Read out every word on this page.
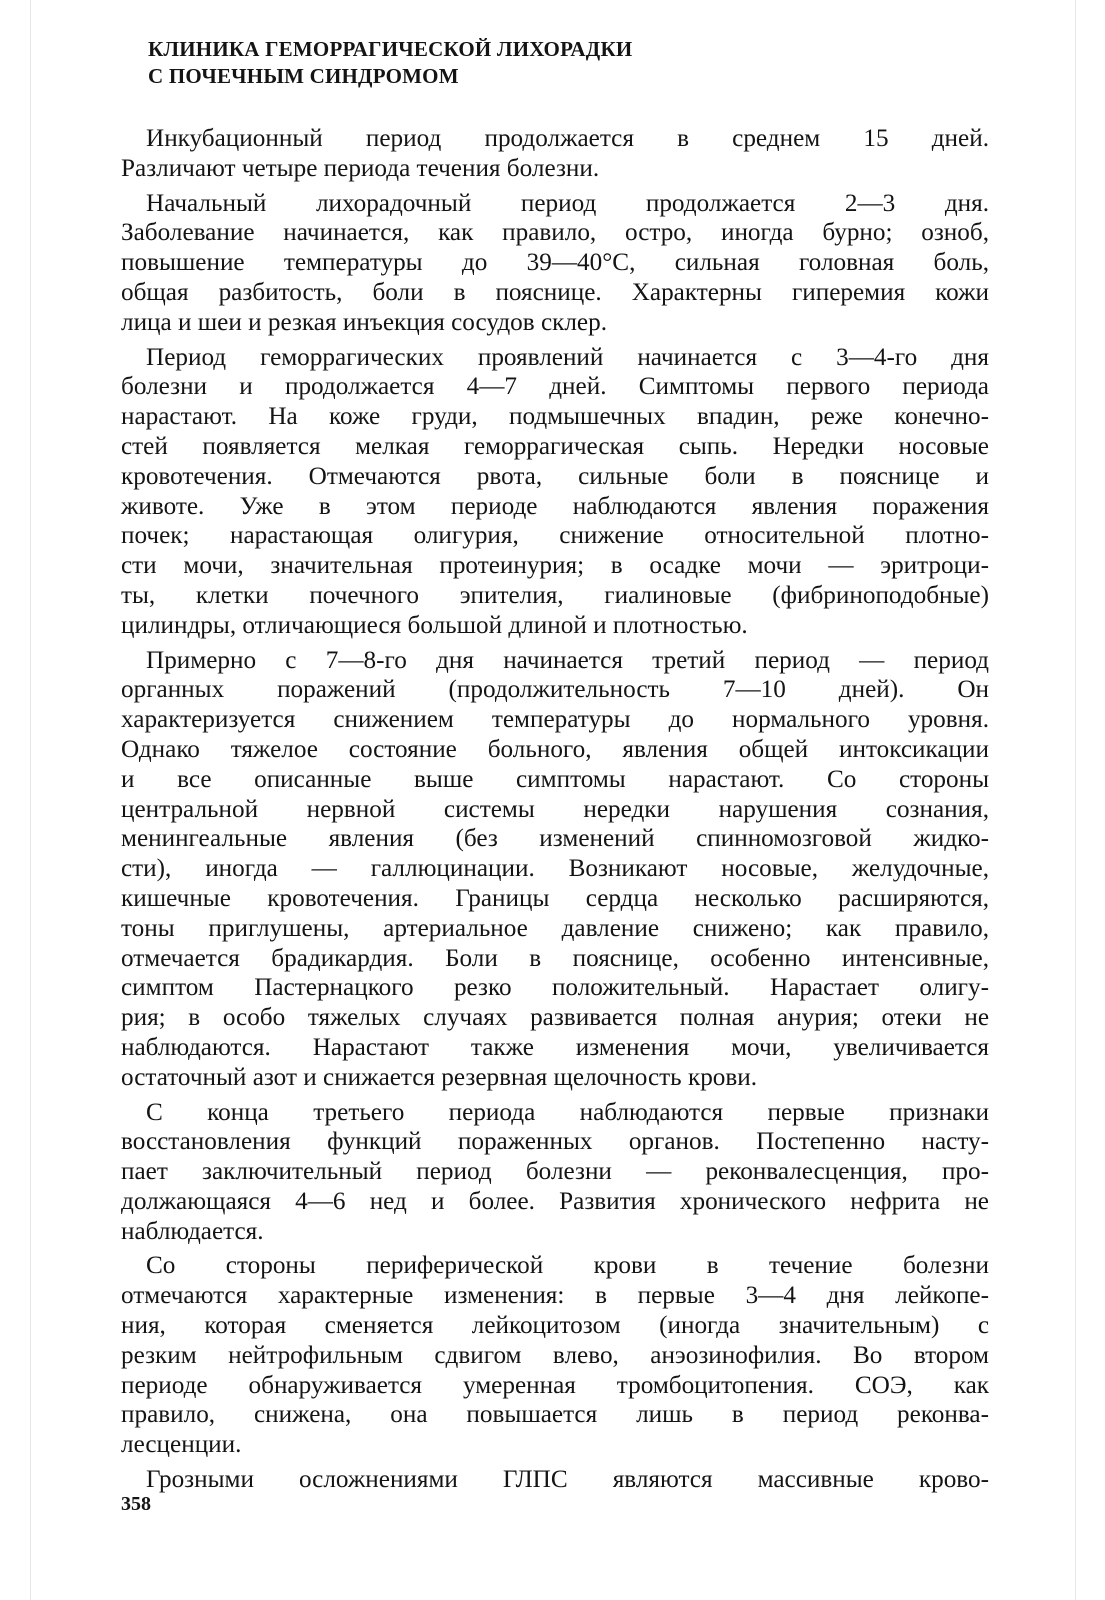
КЛИНИКА ГЕМОРРАГИЧЕСКОЙ ЛИХОРАДКИ
С ПОЧЕЧНЫМ СИНДРОМОМ
Инкубационный период продолжается в среднем 15 дней.
Различают четыре периода течения болезни.
Начальный лихорадочный период продолжается 2—3 дня.
Заболевание начинается, как правило, остро, иногда бурно; озноб,
повышение температуры до 39—40°С, сильная головная боль,
общая разбитость, боли в пояснице. Характерны гиперемия кожи
лица и шеи и резкая инъекция сосудов склер.
Период геморрагических проявлений начинается с 3—4-го дня
болезни и продолжается 4—7 дней. Симптомы первого периода
нарастают. На коже груди, подмышечных впадин, реже конечно-
стей появляется мелкая геморрагическая сыпь. Нередки носовые
кровотечения. Отмечаются рвота, сильные боли в пояснице и
животе. Уже в этом периоде наблюдаются явления поражения
почек; нарастающая олигурия, снижение относительной плотно-
сти мочи, значительная протеинурия; в осадке мочи — эритроци-
ты, клетки почечного эпителия, гиалиновые (фибриноподобные)
цилиндры, отличающиеся большой длиной и плотностью.
Примерно с 7—8-го дня начинается третий период — период
органных поражений (продолжительность 7—10 дней). Он
характеризуется снижением температуры до нормального уровня.
Однако тяжелое состояние больного, явления общей интоксикации
и все описанные выше симптомы нарастают. Со стороны
центральной нервной системы нередки нарушения сознания,
менингеальные явления (без изменений спинномозговой жидко-
сти), иногда — галлюцинации. Возникают носовые, желудочные,
кишечные кровотечения. Границы сердца несколько расширяются,
тоны приглушены, артериальное давление снижено; как правило,
отмечается брадикардия. Боли в пояснице, особенно интенсивные,
симптом Пастернацкого резко положительный. Нарастает олигу-
рия; в особо тяжелых случаях развивается полная анурия; отеки не
наблюдаются. Нарастают также изменения мочи, увеличивается
остаточный азот и снижается резервная щелочность крови.
С конца третьего периода наблюдаются первые признаки
восстановления функций пораженных органов. Постепенно насту-
пает заключительный период болезни — реконвалесценция, про-
должающаяся 4—6 нед и более. Развития хронического нефрита не
наблюдается.
Со стороны периферической крови в течение болезни
отмечаются характерные изменения: в первые 3—4 дня лейкопе-
ния, которая сменяется лейкоцитозом (иногда значительным) с
резким нейтрофильным сдвигом влево, анэозинофилия. Во втором
периоде обнаруживается умеренная тромбоцитопения. СОЭ, как
правило, снижена, она повышается лишь в период реконва-
лесценции.
Грозными осложнениями ГЛПС являются массивные крово-
358
